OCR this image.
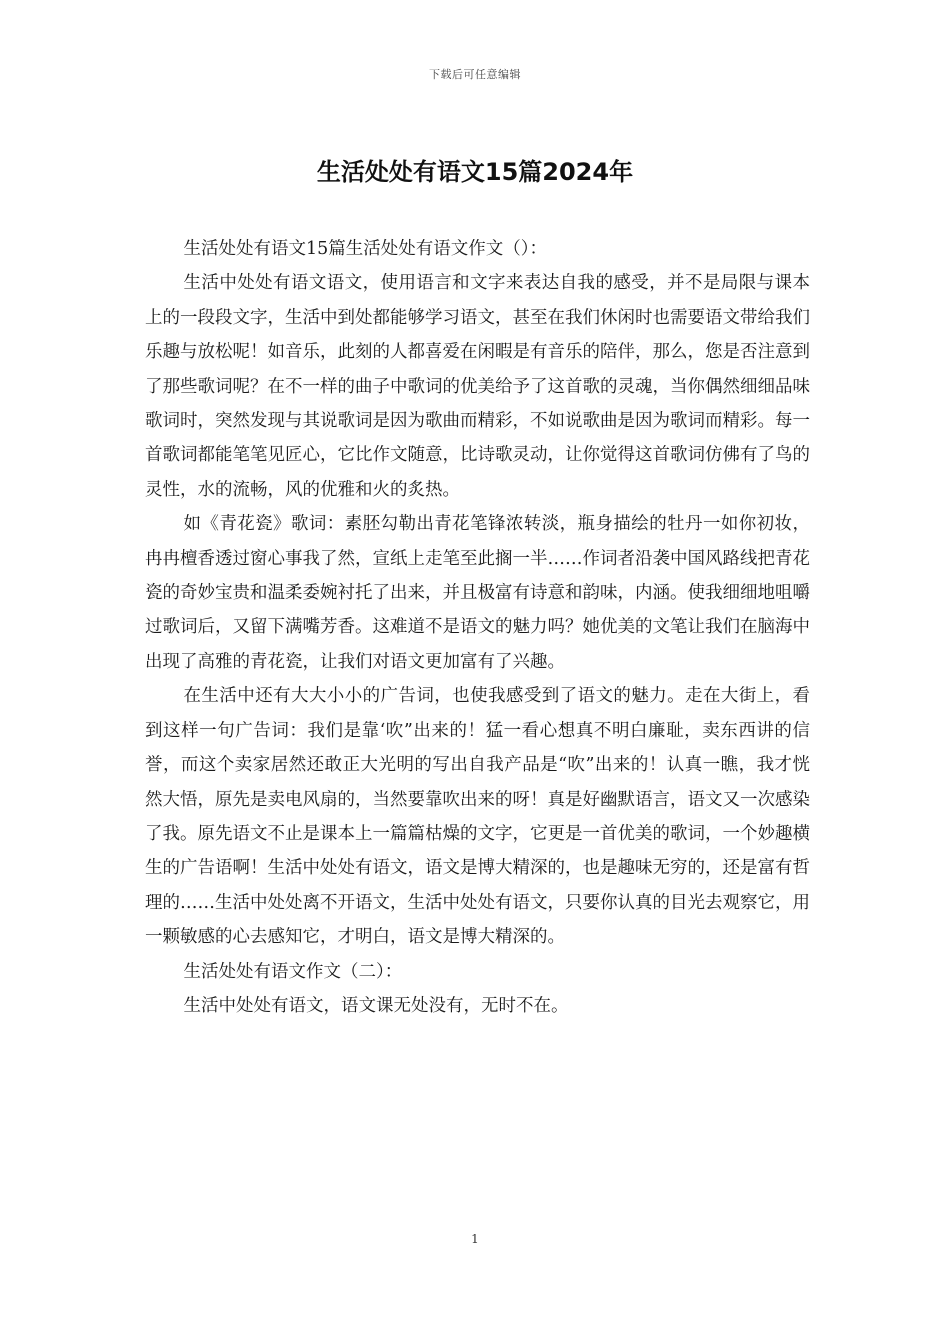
下载后可任意编辑
生活处处有语文15篇2024年

生活处处有语文15篇生活处处有语文作文（）：

生活中处处有语文语文，使用语言和文字来表达自我的感受，并不是局限与课本上的一段段文字，生活中到处都能够学习语文，甚至在我们休闲时也需要语文带给我们乐趣与放松呢！如音乐，此刻的人都喜爱在闲暇是有音乐的陪伴，那么，您是否注意到了那些歌词呢？在不一样的曲子中歌词的优美给予了这首歌的灵魂，当你偶然细细品味歌词时，突然发现与其说歌词是因为歌曲而精彩，不如说歌曲是因为歌词而精彩。每一首歌词都能笔笔见匠心，它比作文随意，比诗歌灵动，让你觉得这首歌词仿佛有了鸟的灵性，水的流畅，风的优雅和火的炙热。

如《青花瓷》歌词：素胚勾勒出青花笔锋浓转淡，瓶身描绘的牡丹一如你初妆，冉冉檀香透过窗心事我了然，宣纸上走笔至此搁一半……作词者沿袭中国风路线把青花瓷的奇妙宝贵和温柔委婉衬托了出来，并且极富有诗意和韵味，内涵。使我细细地咀嚼过歌词后，又留下满嘴芳香。这难道不是语文的魅力吗？她优美的文笔让我们在脑海中出现了高雅的青花瓷，让我们对语文更加富有了兴趣。

在生活中还有大大小小的广告词，也使我感受到了语文的魅力。走在大街上，看到这样一句广告词：我们是靠‘吹”出来的！猛一看心想真不明白廉耻，卖东西讲的信誉，而这个卖家居然还敢正大光明的写出自我产品是“吹”出来的！认真一瞧，我才恍然大悟，原先是卖电风扇的，当然要靠吹出来的呀！真是好幽默语言，语文又一次感染了我。原先语文不止是课本上一篇篇枯燥的文字，它更是一首优美的歌词，一个妙趣横生的广告语啊！生活中处处有语文，语文是博大精深的，也是趣味无穷的，还是富有哲理的……生活中处处离不开语文，生活中处处有语文，只要你认真的目光去观察它，用一颗敏感的心去感知它，才明白，语文是博大精深的。

生活处处有语文作文（二）：

生活中处处有语文，语文课无处没有，无时不在。

1
